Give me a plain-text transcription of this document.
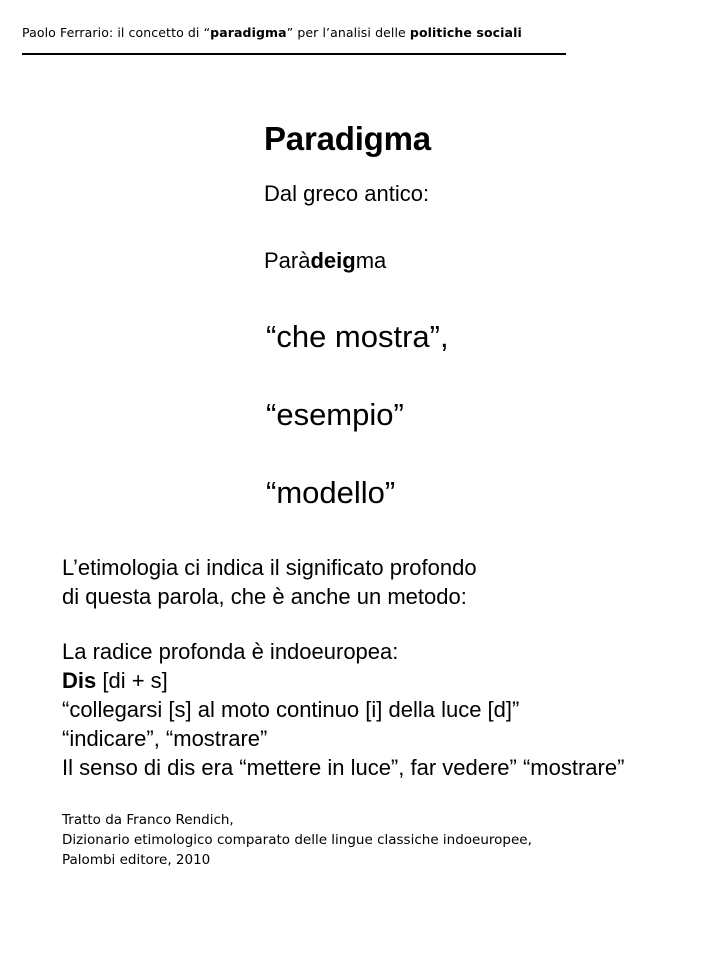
Paolo Ferrario: il concetto di “paradigma” per l’analisi delle politiche sociali

Paradigma

Dal greco antico:

Paràdeigma

“che mostra”,

“esempio”

“modello”

L’etimologia ci indica il significato profondo

di questa parola, che è anche un metodo:

La radice profonda è indoeuropea:

Dis [di + s]

“collegarsi [s] al moto continuo [i] della luce [d]”

“indicare”, “mostrare”

Il senso di dis era “mettere in luce”, far vedere” “mostrare”

Tratto da Franco Rendich,

Dizionario etimologico comparato delle lingue classiche indoeuropee,

Palombi editore, 2010
